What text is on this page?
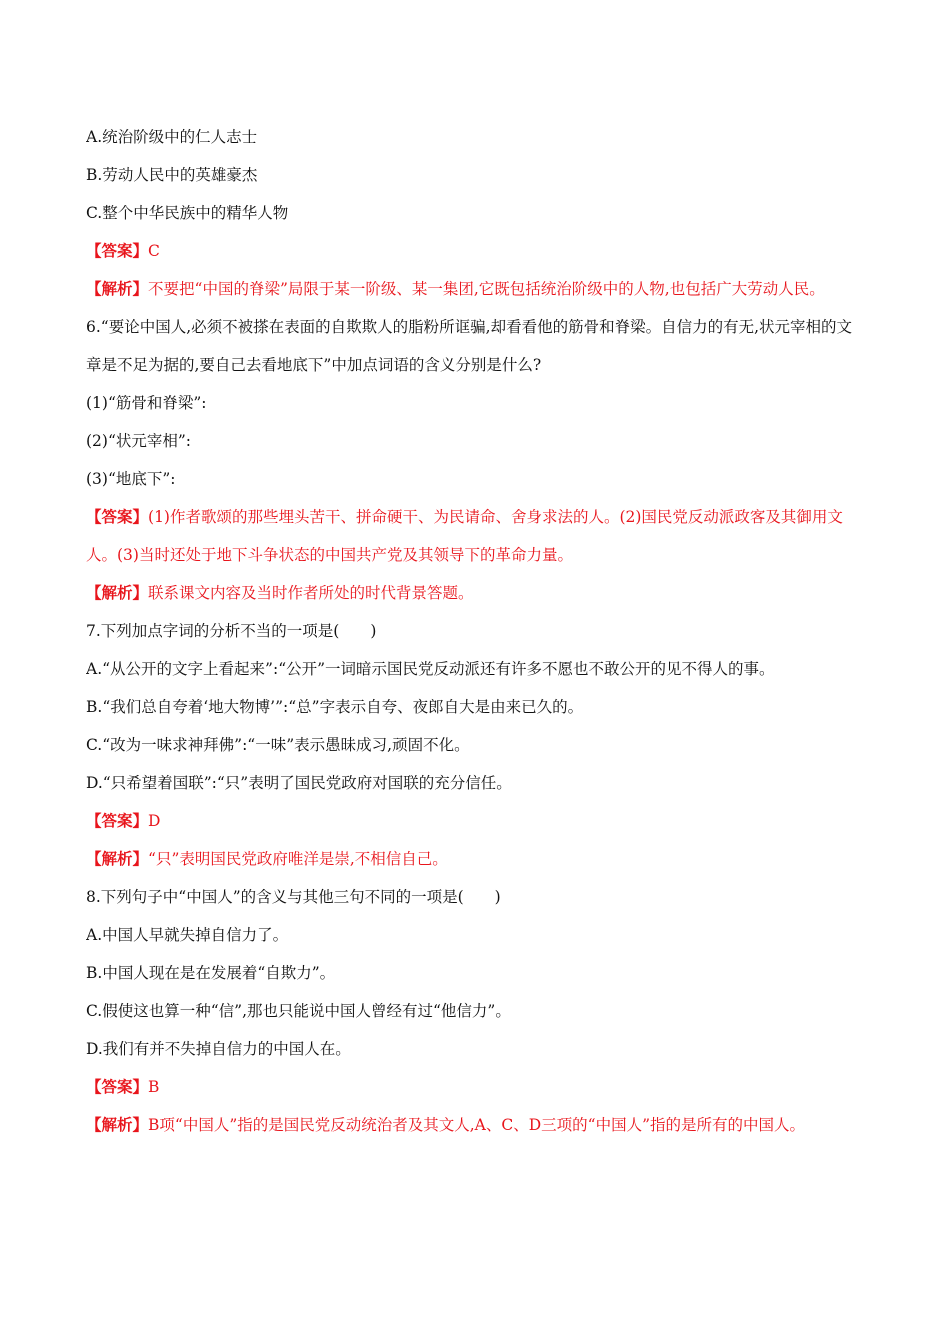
A.统治阶级中的仁人志士
B.劳动人民中的英雄豪杰
C.整个中华民族中的精华人物
【答案】C
【解析】不要把“中国的脊梁”局限于某一阶级、某一集团,它既包括统治阶级中的人物,也包括广大劳动人民。
6.“要论中国人,必须不被搽在表面的自欺欺人的脂粉所诓骗,却看看他的筋骨和脊梁。自信力的有无,状元宰相的文章是不足为据的,要自己去看地底下”中加点词语的含义分别是什么?
(1)“筋骨和脊梁”:
(2)“状元宰相”:
(3)“地底下”:
【答案】(1)作者歌颂的那些埋头苦干、拼命硬干、为民请命、舍身求法的人。(2)国民党反动派政客及其御用文人。(3)当时还处于地下斗争状态的中国共产党及其领导下的革命力量。
【解析】联系课文内容及当时作者所处的时代背景答题。
7.下列加点字词的分析不当的一项是(　　)
A.“从公开的文字上看起来”:“公开”一词暗示国民党反动派还有许多不愿也不敢公开的见不得人的事。
B.“我们总自夸着‘地大物博’”:“总”字表示自夸、夜郎自大是由来已久的。
C.“改为一味求神拜佛”:“一味”表示愚昧成习,顽固不化。
D.“只希望着国联”:“只”表明了国民党政府对国联的充分信任。
【答案】D
【解析】“只”表明国民党政府唯洋是崇,不相信自己。
8.下列句子中“中国人”的含义与其他三句不同的一项是(　　)
A.中国人早就失掉自信力了。
B.中国人现在是在发展着“自欺力”。
C.假使这也算一种“信”,那也只能说中国人曾经有过“他信力”。
D.我们有并不失掉自信力的中国人在。
【答案】B
【解析】B项“中国人”指的是国民党反动统治者及其文人,A、C、D三项的“中国人”指的是所有的中国人。
